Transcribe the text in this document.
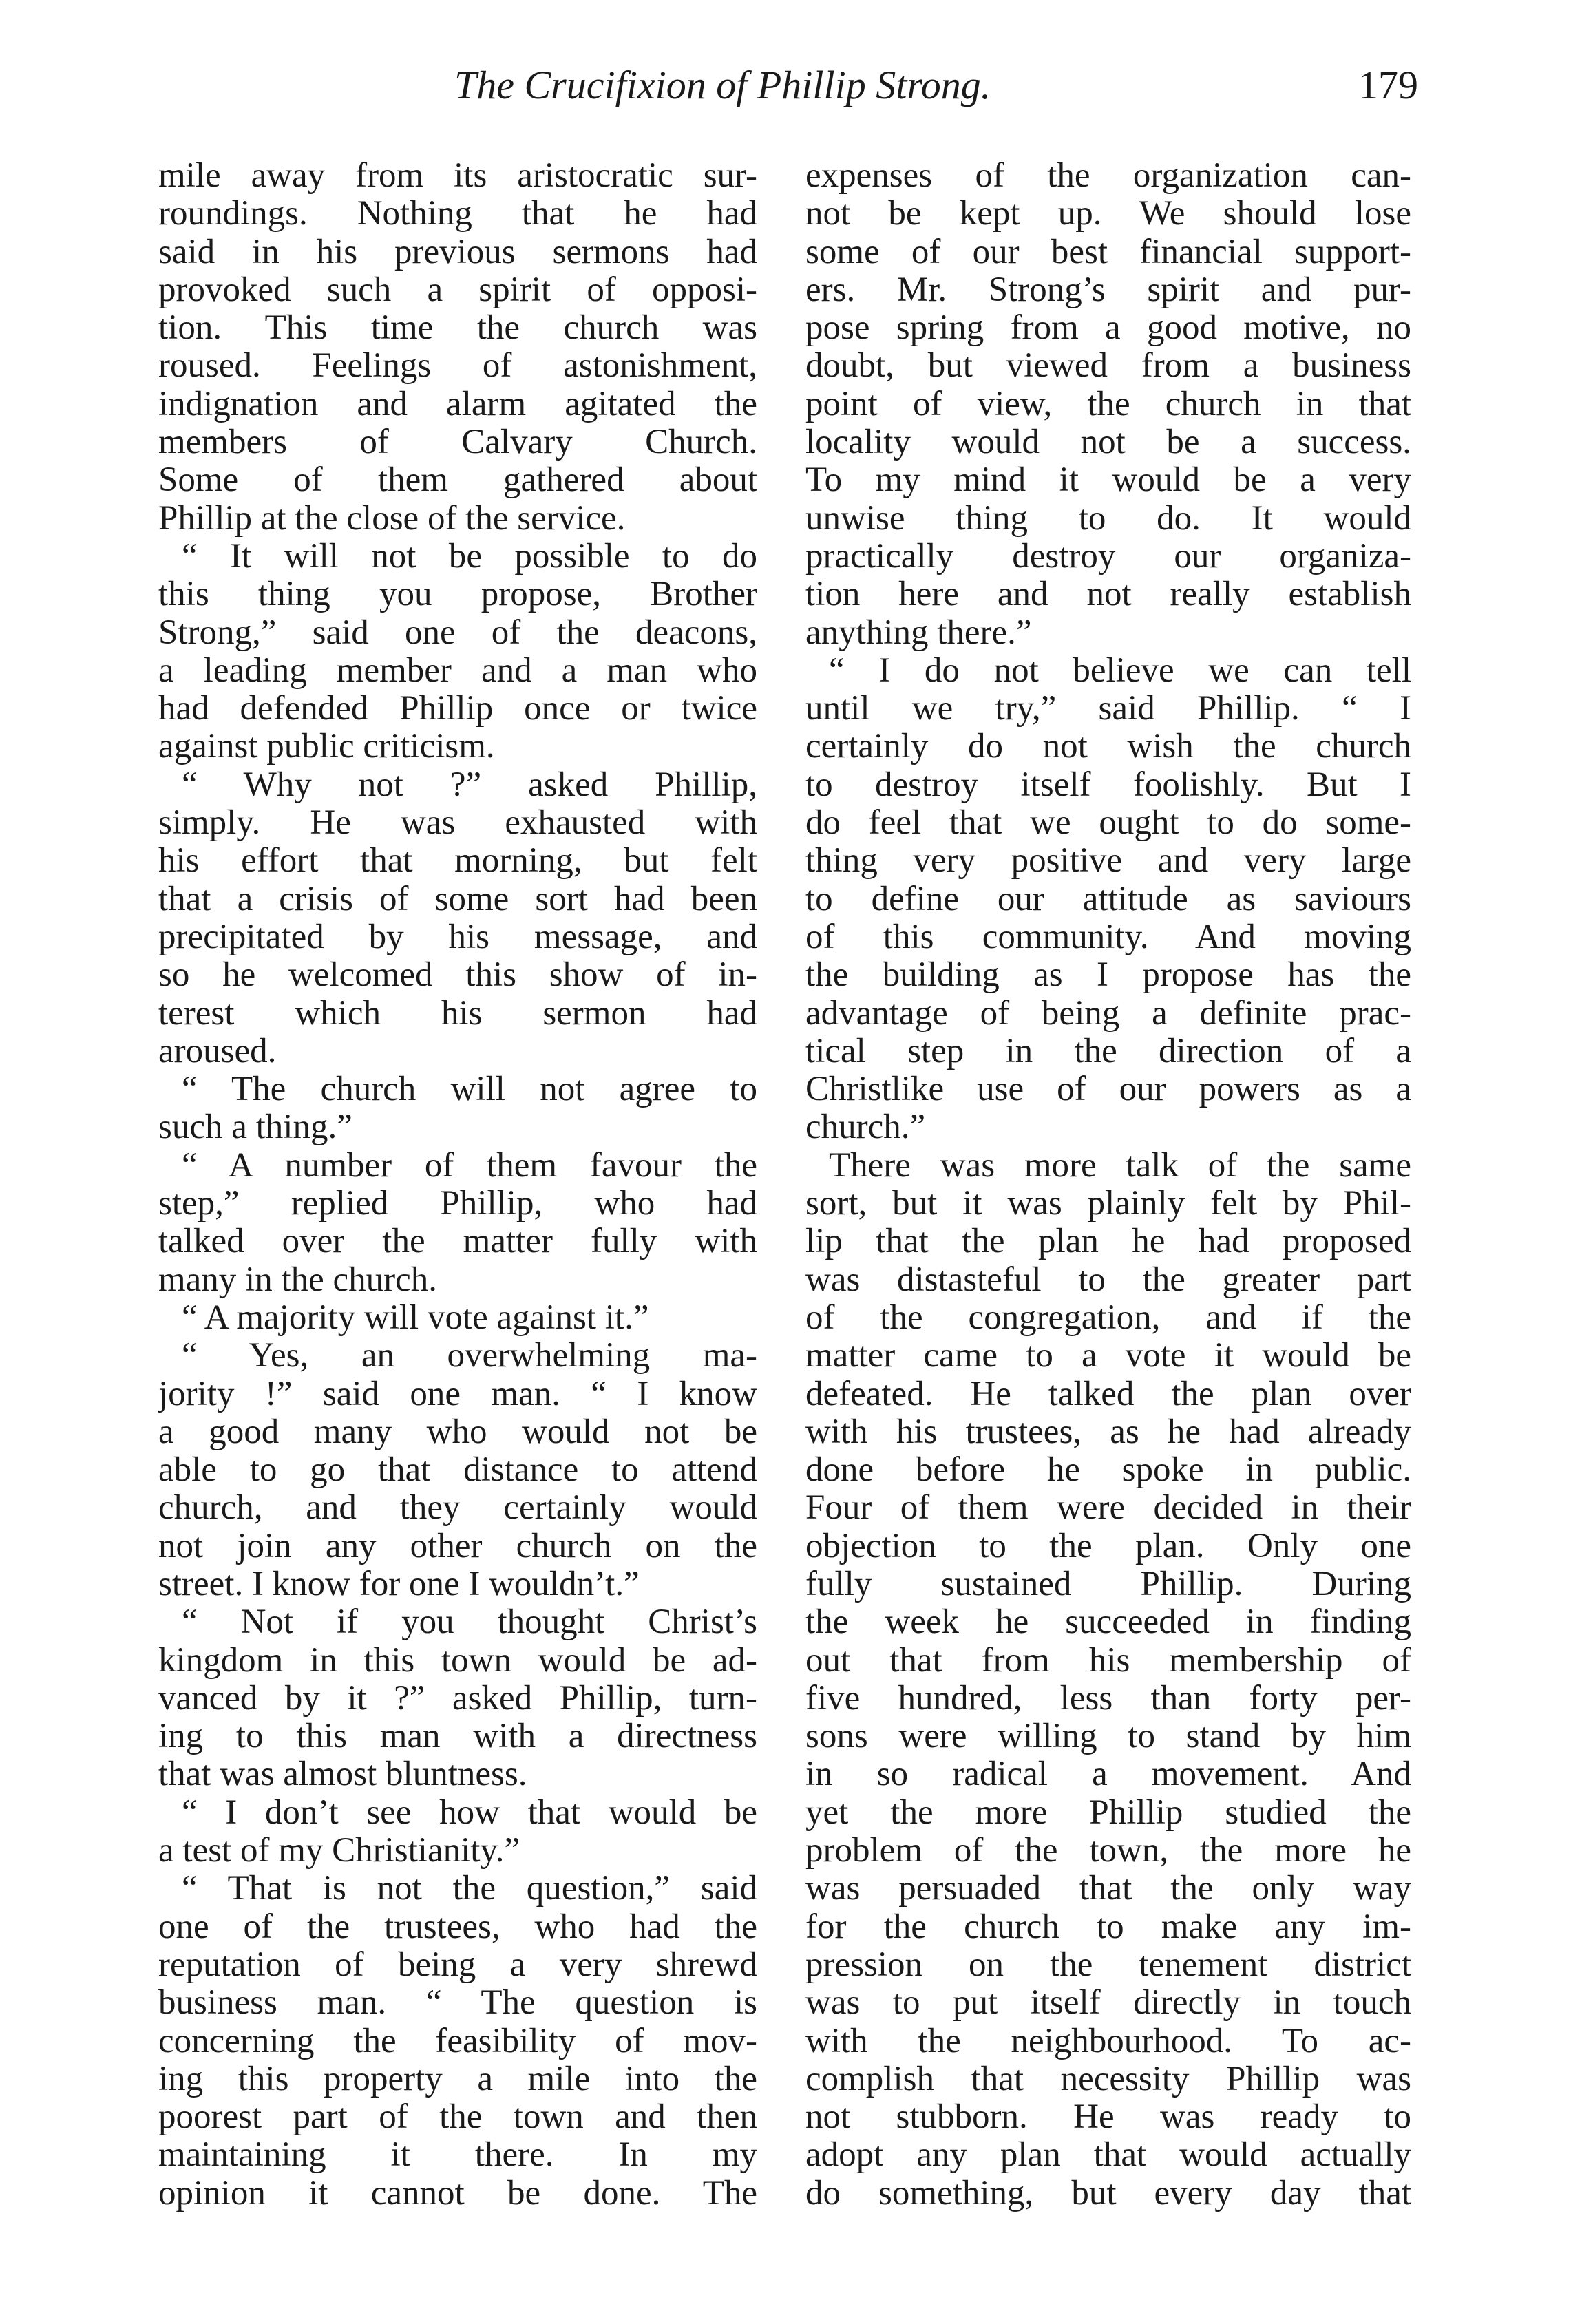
The Crucifixion of Phillip Strong.	179
mile away from its aristocratic sur-
roundings. Nothing that he had
said in his previous sermons had
provoked such a spirit of opposi-
tion. This time the church was
roused. Feelings of astonishment,
indignation and alarm agitated the
members of Calvary Church.
Some of them gathered about
Phillip at the close of the service.
“ It will not be possible to do
this thing you propose, Brother
Strong,” said one of the deacons,
a leading member and a man who
had defended Phillip once or twice
against public criticism.
“ Why not ?” asked Phillip,
simply. He was exhausted with
his effort that morning, but felt
that a crisis of some sort had been
precipitated by his message, and
so he welcomed this show of in-
terest which his sermon had
aroused.
“ The church will not agree to
such a thing.”
“ A number of them favour the
step,” replied Phillip, who had
talked over the matter fully with
many in the church.
“ A majority will vote against it.”
“ Yes, an overwhelming ma-
jority !” said one man. “ I know
a good many who would not be
able to go that distance to attend
church, and they certainly would
not join any other church on the
street. I know for one I wouldn’t.”
“ Not if you thought Christ’s
kingdom in this town would be ad-
vanced by it ?” asked Phillip, turn-
ing to this man with a directness
that was almost bluntness.
“ I don’t see how that would be
a test of my Christianity.”
“ That is not the question,” said
one of the trustees, who had the
reputation of being a very shrewd
business man. “ The question is
concerning the feasibility of mov-
ing this property a mile into the
poorest part of the town and then
maintaining it there. In my
opinion it cannot be done. The
expenses of the organization can-
not be kept up. We should lose
some of our best financial support-
ers. Mr. Strong’s spirit and pur-
pose spring from a good motive, no
doubt, but viewed from a business
point of view, the church in that
locality would not be a success.
To my mind it would be a very
unwise thing to do. It would
practically destroy our organiza-
tion here and not really establish
anything there.”
“ I do not believe we can tell
until we try,” said Phillip. “ I
certainly do not wish the church
to destroy itself foolishly. But I
do feel that we ought to do some-
thing very positive and very large
to define our attitude as saviours
of this community. And moving
the building as I propose has the
advantage of being a definite prac-
tical step in the direction of a
Christlike use of our powers as a
church.”
There was more talk of the same
sort, but it was plainly felt by Phil-
lip that the plan he had proposed
was distasteful to the greater part
of the congregation, and if the
matter came to a vote it would be
defeated. He talked the plan over
with his trustees, as he had already
done before he spoke in public.
Four of them were decided in their
objection to the plan. Only one
fully sustained Phillip. During
the week he succeeded in finding
out that from his membership of
five hundred, less than forty per-
sons were willing to stand by him
in so radical a movement. And
yet the more Phillip studied the
problem of the town, the more he
was persuaded that the only way
for the church to make any im-
pression on the tenement district
was to put itself directly in touch
with the neighbourhood. To ac-
complish that necessity Phillip was
not stubborn. He was ready to
adopt any plan that would actually
do something, but every day that
